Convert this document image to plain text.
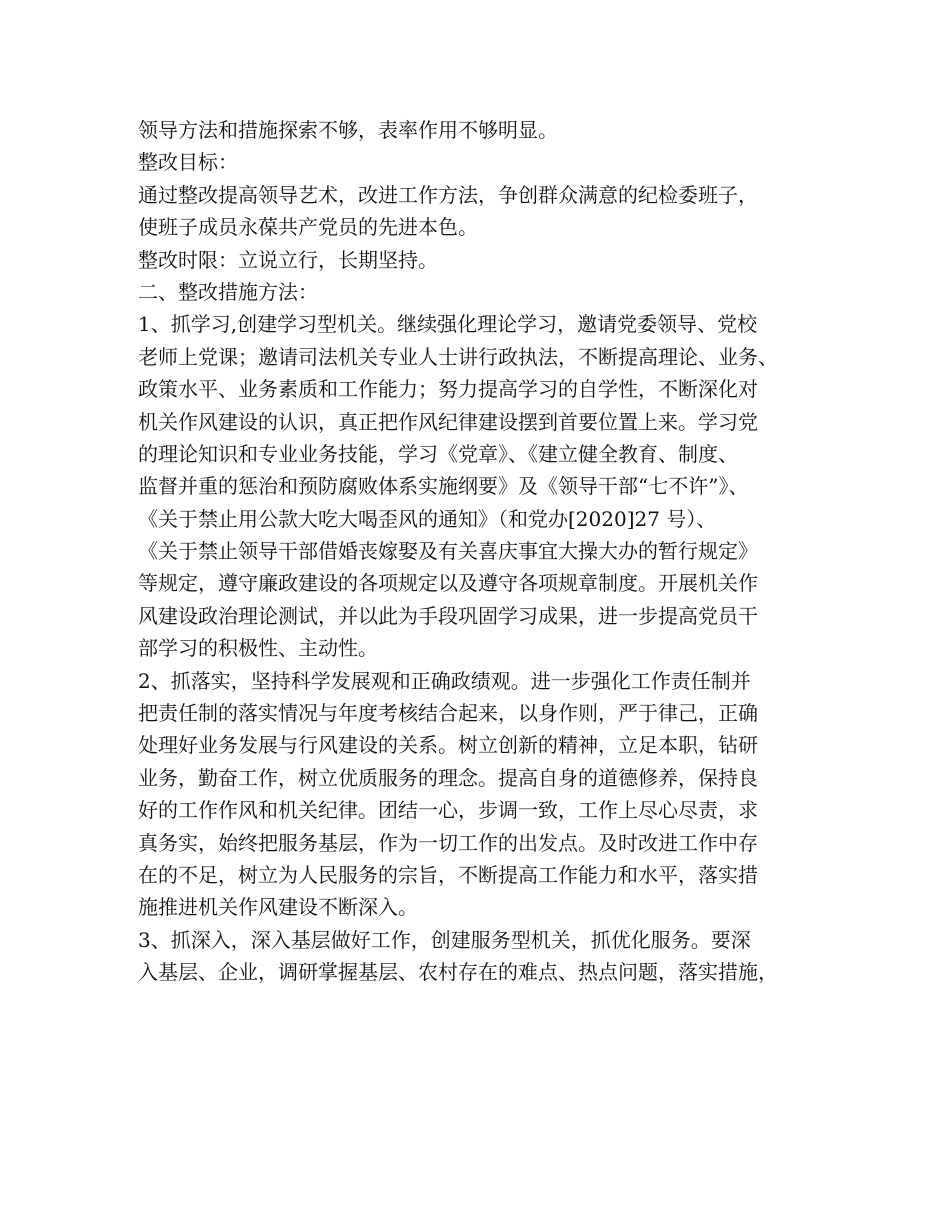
领导方法和措施探索不够，表率作用不够明显。
整改目标：
通过整改提高领导艺术，改进工作方法，争创群众满意的纪检委班子，
使班子成员永葆共产党员的先进本色。
整改时限：立说立行，长期坚持。
二、整改措施方法：
1、抓学习,创建学习型机关。继续强化理论学习，邀请党委领导、党校
老师上党课；邀请司法机关专业人士讲行政执法，不断提高理论、业务、
政策水平、业务素质和工作能力；努力提高学习的自学性，不断深化对
机关作风建设的认识，真正把作风纪律建设摆到首要位置上来。学习党
的理论知识和专业业务技能，学习《党章》、《建立健全教育、制度、
监督并重的惩治和预防腐败体系实施纲要》及《领导干部“七不许”》、
《关于禁止用公款大吃大喝歪风的通知》（和党办[2020]27 号）、
《关于禁止领导干部借婚丧嫁娶及有关喜庆事宜大操大办的暂行规定》
等规定，遵守廉政建设的各项规定以及遵守各项规章制度。开展机关作
风建设政治理论测试，并以此为手段巩固学习成果，进一步提高党员干
部学习的积极性、主动性。
2、抓落实，坚持科学发展观和正确政绩观。进一步强化工作责任制并
把责任制的落实情况与年度考核结合起来，以身作则，严于律己，正确
处理好业务发展与行风建设的关系。树立创新的精神，立足本职，钻研
业务，勤奋工作，树立优质服务的理念。提高自身的道德修养，保持良
好的工作作风和机关纪律。团结一心，步调一致，工作上尽心尽责，求
真务实，始终把服务基层，作为一切工作的出发点。及时改进工作中存
在的不足，树立为人民服务的宗旨，不断提高工作能力和水平，落实措
施推进机关作风建设不断深入。
3、抓深入，深入基层做好工作，创建服务型机关，抓优化服务。要深
入基层、企业，调研掌握基层、农村存在的难点、热点问题，落实措施，
